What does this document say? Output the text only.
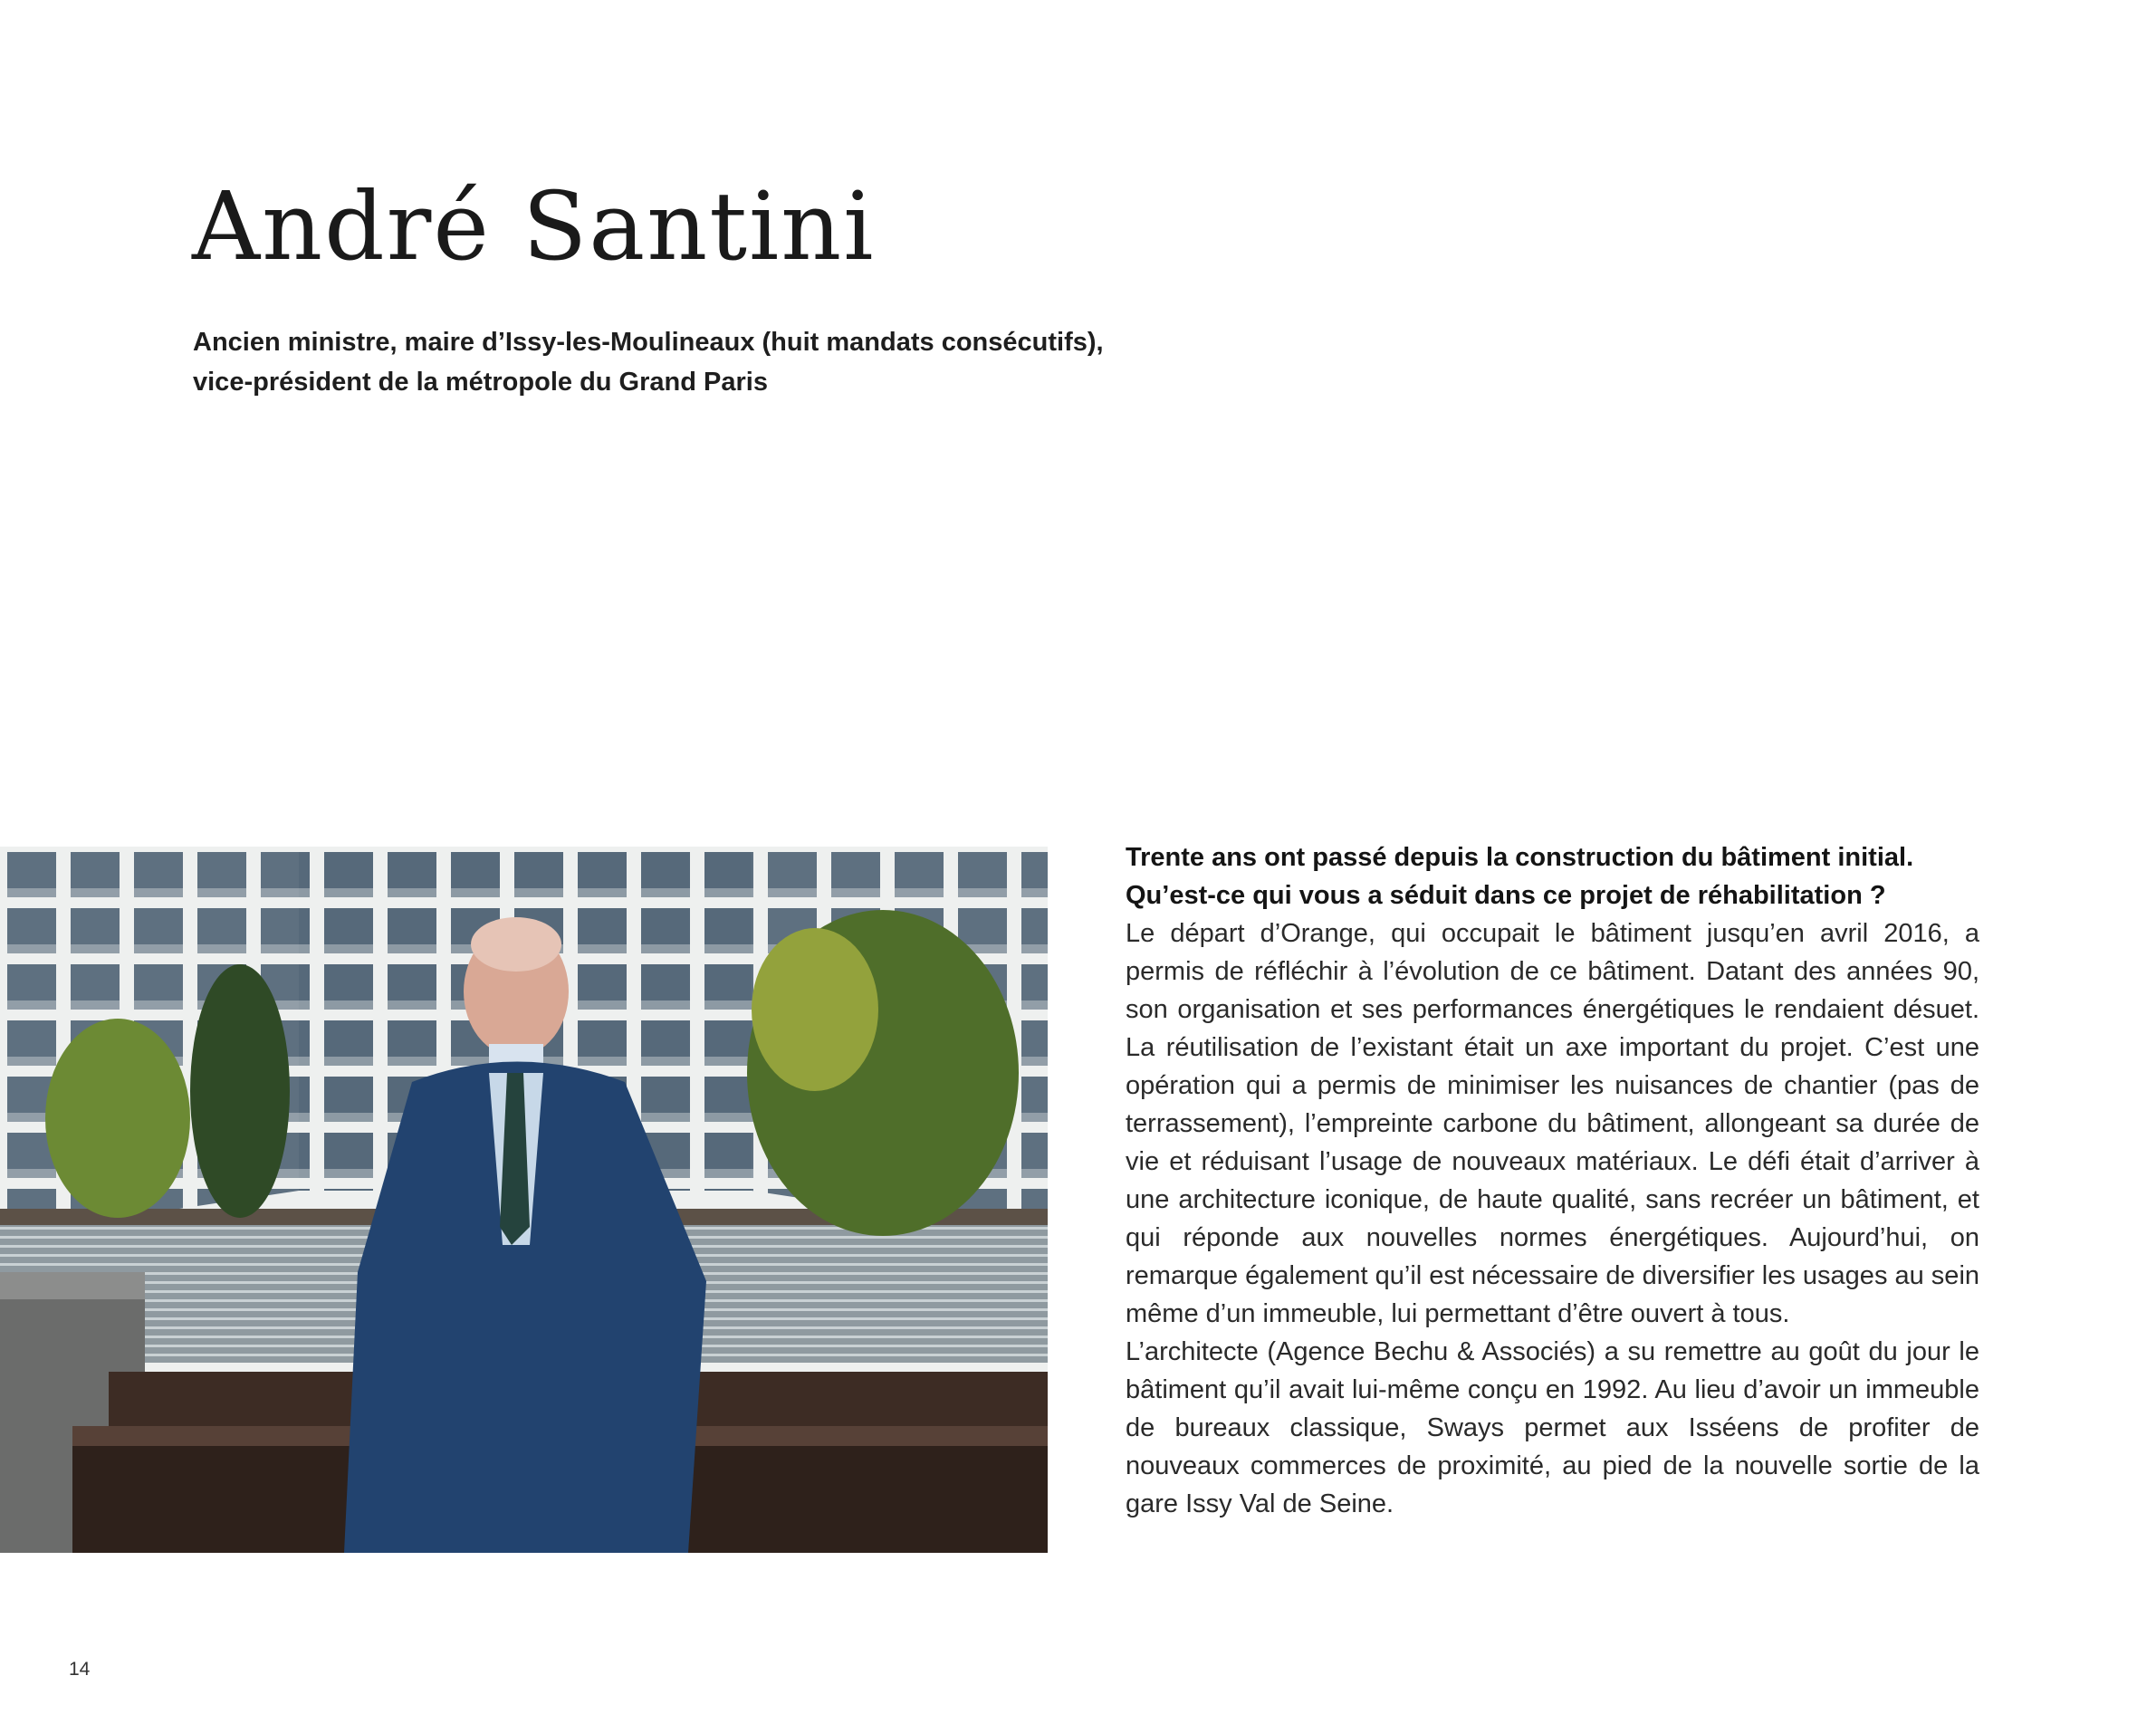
André Santini
Ancien ministre, maire d’Issy-les-Moulineaux (huit mandats consécutifs),
vice-président de la métropole du Grand Paris

Trente ans ont passé depuis la construction du bâtiment initial.

Qu’est-ce qui vous a séduit dans ce projet de réhabilitation ?

Le départ d’Orange, qui occupait le bâtiment jusqu’en avril 2016, a permis de réfléchir à l’évolution de ce bâtiment. Datant des années 90, son organisation et ses performances énergétiques le rendaient désuet. La réutilisation de l’existant était un axe important du projet. C’est une opération qui a permis de minimiser les nuisances de chantier (pas de terrassement), l’empreinte carbone du bâtiment, allongeant sa durée de vie et réduisant l’usage de nouveaux matériaux. Le défi était d’arriver à une architecture iconique, de haute qualité, sans recréer un bâtiment, et qui réponde aux nouvelles normes énergétiques. Aujourd’hui, on remarque également qu’il est nécessaire de diversifier les usages au sein même d’un immeuble, lui permettant d’être ouvert à tous.

L’architecte (Agence Bechu & Associés) a su remettre au goût du jour le bâtiment qu’il avait lui-même conçu en 1992. Au lieu d’avoir un immeuble de bureaux classique, Sways permet aux Isséens de profiter de nouveaux commerces de proximité, au pied de la nouvelle sortie de la gare Issy Val de Seine.

14
